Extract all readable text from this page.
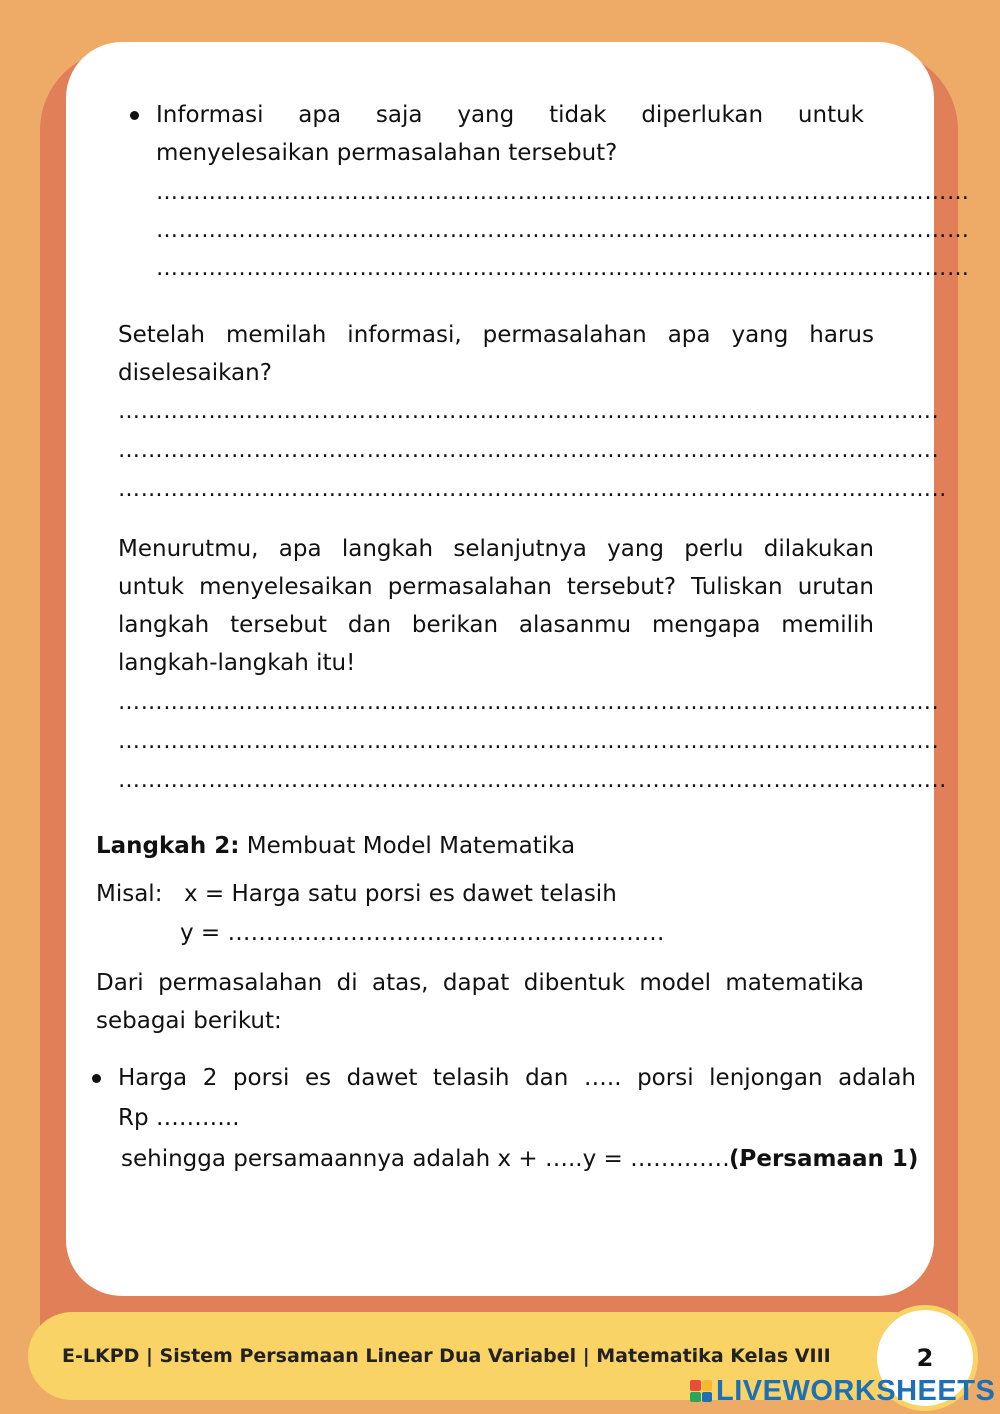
Informasi apa saja yang tidak diperlukan untuk
menyelesaikan permasalahan tersebut?
………………………………………………………………………………………………
………………………………………………………………………………………………
………………………………………………………………………………………………
Setelah memilah informasi, permasalahan apa yang harus
diselesaikan?
……………………………………………………………………………………………….
……………………………………………………………………………………………….
………………………………………………………………………………………………..
Menurutmu, apa langkah selanjutnya yang perlu dilakukan
untuk menyelesaikan permasalahan tersebut? Tuliskan urutan
langkah tersebut dan berikan alasanmu mengapa memilih
langkah-langkah itu!
……………………………………………………………………………………………….
……………………………………………………………………………………………….
………………………………………………………………………………………………..
Langkah 2: Membuat Model Matematika
Misal: x = Harga satu porsi es dawet telasih
y = …………………………………………………
Dari permasalahan di atas, dapat dibentuk model matematika
sebagai berikut:
Harga 2 porsi es dawet telasih dan ….. porsi lenjongan adalah
Rp ………..
sehingga persamaannya adalah x + …..y = ……………
(Persamaan 1)
E-LKPD | Sistem Persamaan Linear Dua Variabel | Matematika Kelas VIII	2
LIVEWORKSHEETS
